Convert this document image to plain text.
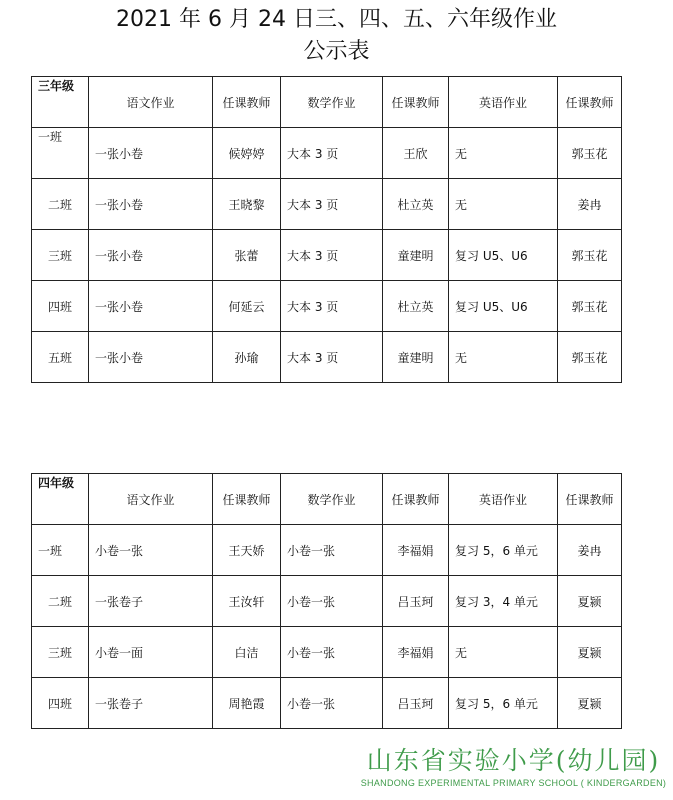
2021 年 6 月 24 日三、四、五、六年级作业
公示表
三年级	语文作业	任课教师	数学作业	任课教师	英语作业	任课教师
一班	一张小卷	候婷婷	大本 3 页	王欣	无	郭玉花
二班	一张小卷	王晓黎	大本 3 页	杜立英	无	姜冉
三班	一张小卷	张蕾	大本 3 页	童建明	复习 U5、U6	郭玉花
四班	一张小卷	何延云	大本 3 页	杜立英	复习 U5、U6	郭玉花
五班	一张小卷	孙瑜	大本 3 页	童建明	无	郭玉花
四年级	语文作业	任课教师	数学作业	任课教师	英语作业	任课教师
一班	小卷一张	王天娇	小卷一张	李福娟	复习 5，6 单元	姜冉
二班	一张卷子	王汝轩	小卷一张	吕玉珂	复习 3，4 单元	夏颍
三班	小卷一面	白洁	小卷一张	李福娟	无	夏颍
四班	一张卷子	周艳霞	小卷一张	吕玉珂	复习 5，6 单元	夏颍
山东省实验小学(幼儿园)
SHANDONG EXPERIMENTAL PRIMARY SCHOOL ( KINDERGARDEN)
